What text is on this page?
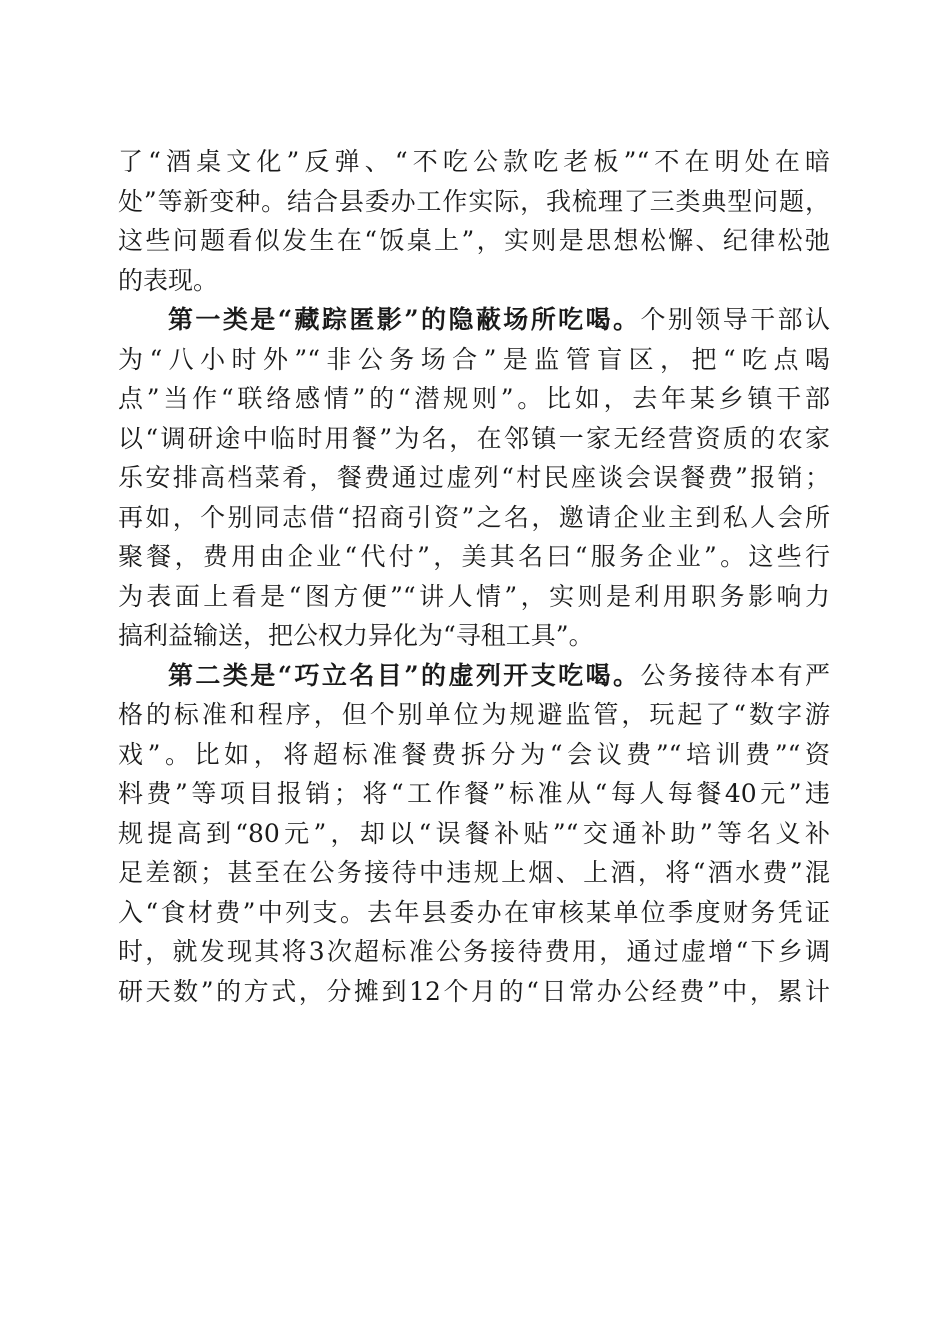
了“酒桌文化”反弹、“不吃公款吃老板”“不在明处在暗
处”等新变种。结合县委办工作实际，我梳理了三类典型问题，
这些问题看似发生在“饭桌上”，实则是思想松懈、纪律松弛
的表现。
第一类是“藏踪匿影”的隐蔽场所吃喝。个别领导干部认
为“八小时外”“非公务场合”是监管盲区，把“吃点喝
点”当作“联络感情”的“潜规则”。比如，去年某乡镇干部
以“调研途中临时用餐”为名，在邻镇一家无经营资质的农家
乐安排高档菜肴，餐费通过虚列“村民座谈会误餐费”报销；
再如，个别同志借“招商引资”之名，邀请企业主到私人会所
聚餐，费用由企业“代付”，美其名曰“服务企业”。这些行
为表面上看是“图方便”“讲人情”，实则是利用职务影响力
搞利益输送，把公权力异化为“寻租工具”。
第二类是“巧立名目”的虚列开支吃喝。公务接待本有严
格的标准和程序，但个别单位为规避监管，玩起了“数字游
戏”。比如，将超标准餐费拆分为“会议费”“培训费”“资
料费”等项目报销；将“工作餐”标准从“每人每餐40元”违
规提高到“80元”，却以“误餐补贴”“交通补助”等名义补
足差额；甚至在公务接待中违规上烟、上酒，将“酒水费”混
入“食材费”中列支。去年县委办在审核某单位季度财务凭证
时，就发现其将3次超标准公务接待费用，通过虚增“下乡调
研天数”的方式，分摊到12个月的“日常办公经费”中，累计
